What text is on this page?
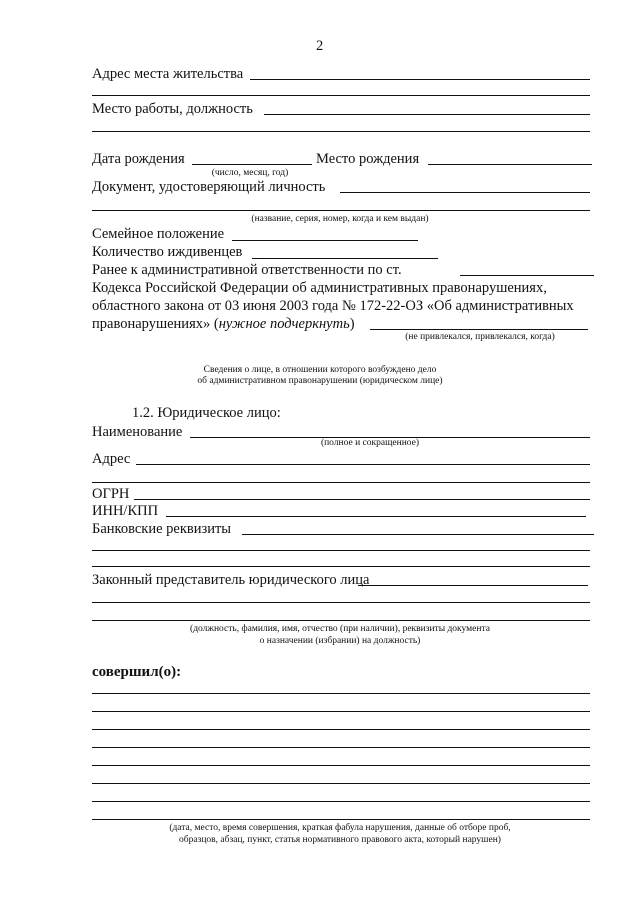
2
Адрес места жительства
Место работы, должность
Дата рождения	Место рождения
(число, месяц, год)
Документ, удостоверяющий личность
(название, серия, номер, когда и кем выдан)
Семейное положение
Количество иждивенцев
Ранее к административной ответственности по ст.
Кодекса Российской Федерации об административных правонарушениях,
областного закона от 03 июня 2003 года № 172-22-ОЗ «Об административных
правонарушениях» (нужное подчеркнуть)
(не привлекался, привлекался, когда)
Сведения о лице, в отношении которого возбуждено дело
об административном правонарушении (юридическом лице)
1.2. Юридическое лицо:
Наименование
(полное и сокращенное)
Адрес
ОГРН
ИНН/КПП
Банковские реквизиты
Законный представитель юридического лица
(должность, фамилия, имя, отчество (при наличии), реквизиты документа
о назначении (избрании) на должность)
совершил(о):
(дата, место, время совершения, краткая фабула нарушения, данные об отборе проб,
образцов, абзац, пункт, статья нормативного правового акта, который нарушен)
